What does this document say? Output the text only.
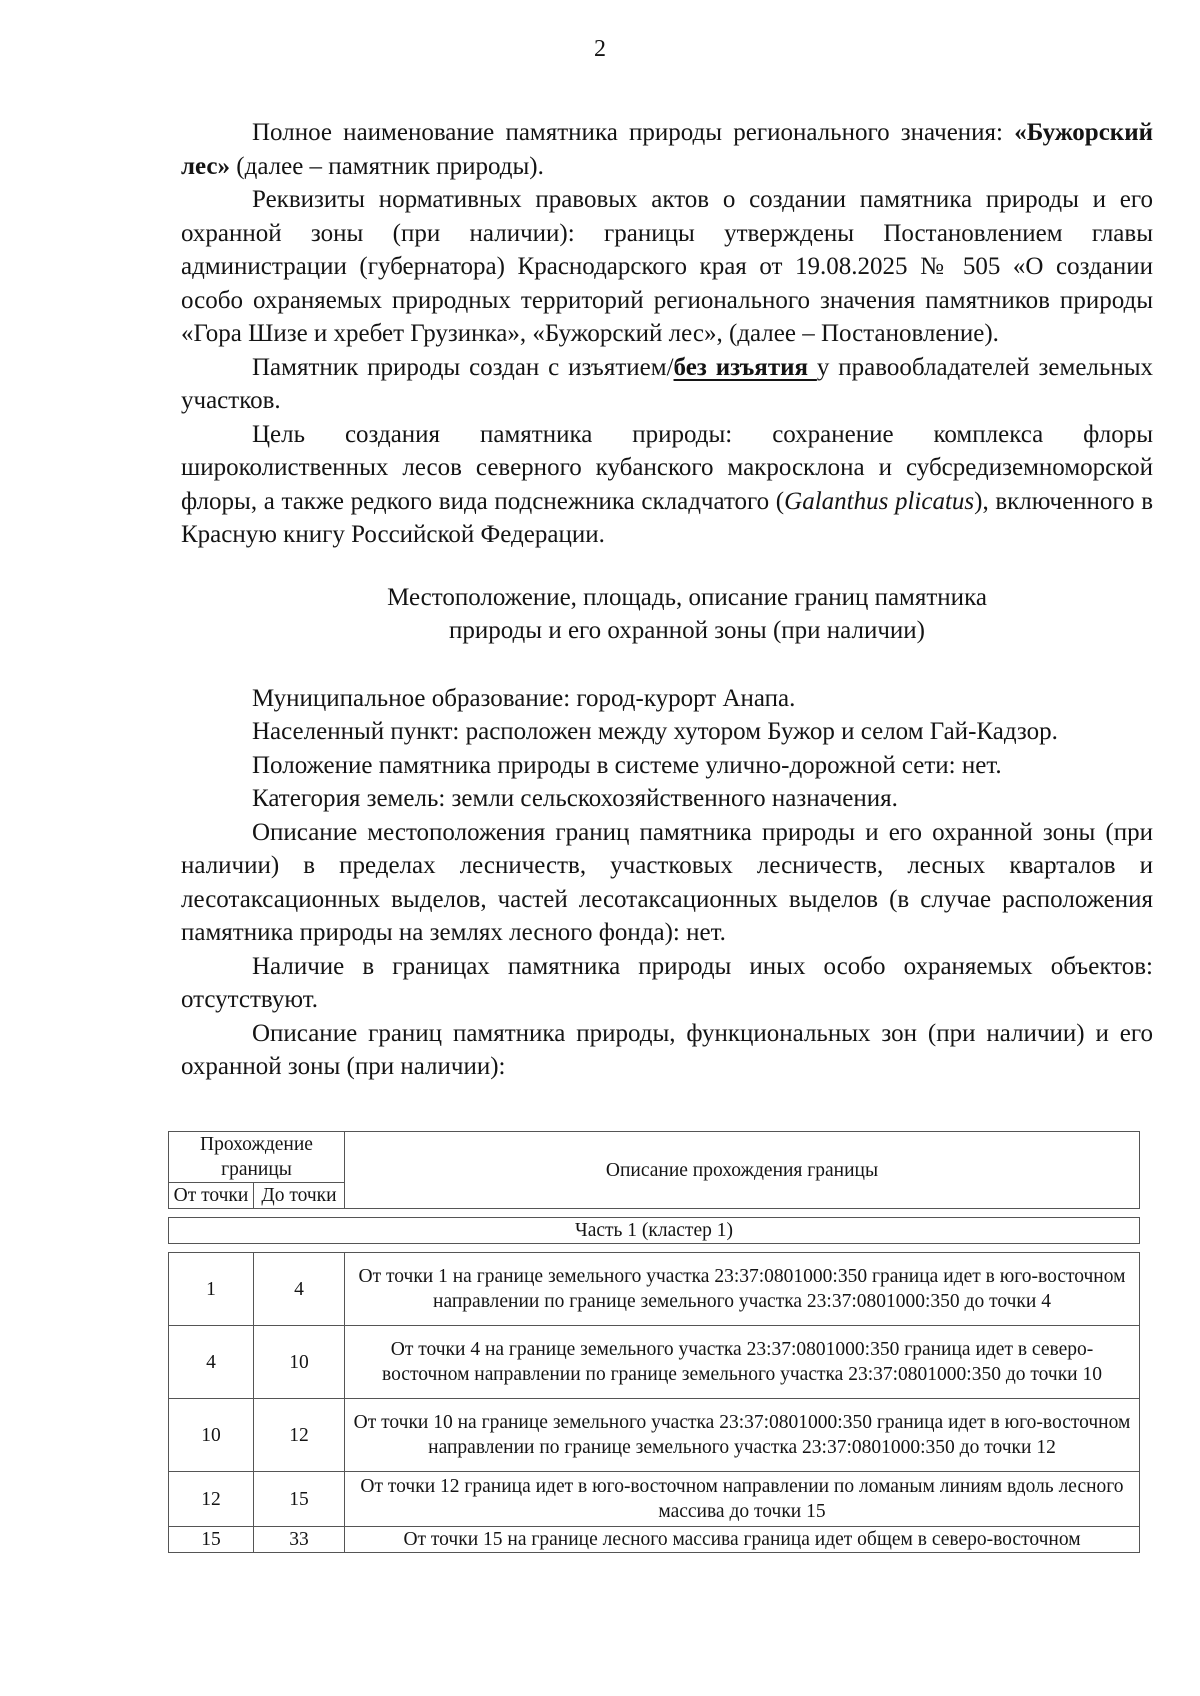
2

Полное наименование памятника природы регионального значения: «Бужорский лес» (далее – памятник природы).

Реквизиты нормативных правовых актов о создании памятника природы и его охранной зоны (при наличии): границы утверждены Постановлением главы администрации (губернатора) Краснодарского края от 19.08.2025 № 505 «О создании особо охраняемых природных территорий регионального значения памятников природы «Гора Шизе и хребет Грузинка», «Бужорский лес», (далее – Постановление).

Памятник природы создан с изъятием/без изъятия у правообладателей земельных участков.

Цель создания памятника природы: сохранение комплекса флоры широколиственных лесов северного кубанского макросклона и субсредиземноморской флоры, а также редкого вида подснежника складчатого (Galanthus plicatus), включенного в Красную книгу Российской Федерации.

Местоположение, площадь, описание границ памятника
природы и его охранной зоны (при наличии)

Муниципальное образование: город-курорт Анапа.

Населенный пункт: расположен между хутором Бужор и селом Гай-Кадзор.

Положение памятника природы в системе улично-дорожной сети: нет.

Категория земель: земли сельскохозяйственного назначения.

Описание местоположения границ памятника природы и его охранной зоны (при наличии) в пределах лесничеств, участковых лесничеств, лесных кварталов и лесотаксационных выделов, частей лесотаксационных выделов (в случае расположения памятника природы на землях лесного фонда): нет.

Наличие в границах памятника природы иных особо охраняемых объектов: отсутствуют.

Описание границ памятника природы, функциональных зон (при наличии) и его охранной зоны (при наличии):

Прохождение границы		Описание прохождения границы
От точки	До точки	

Часть 1 (кластер 1)		

1	4	От точки 1 на границе земельного участка 23:37:0801000:350 граница идет в юго-восточном направлении по границе земельного участка 23:37:0801000:350 до точки 4
4	10	От точки 4 на границе земельного участка 23:37:0801000:350 граница идет в северо-восточном направлении по границе земельного участка 23:37:0801000:350 до точки 10
10	12	От точки 10 на границе земельного участка 23:37:0801000:350 граница идет в юго-восточном направлении по границе земельного участка 23:37:0801000:350 до точки 12
12	15	От точки 12 граница идет в юго-восточном направлении по ломаным линиям вдоль лесного массива до точки 15
15	33	От точки 15 на границе лесного массива граница идет общем в северо-восточном
